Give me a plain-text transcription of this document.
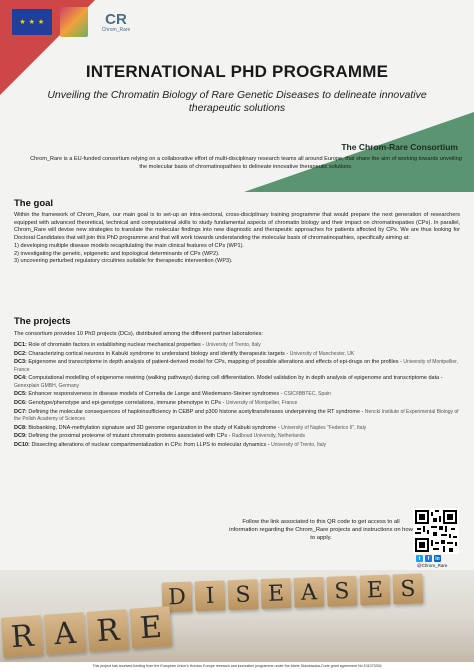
★ ★ ★	CR
Chrom_Rare
INTERNATIONAL PHD PROGRAMME
Unveiling the Chromatin Biology of Rare Genetic Diseases to delineate innovative therapeutic solutions
The Chrom-Rare Consortium
Chrom_Rare is a EU-funded consortium relying on a collaborative effort of multi-disciplinary research teams all around Europe, that share the aim of working towards unveiling the molecular basis of chromatinopathies to delineate innovative therapeutic solutions.
The goal

Within the framework of Chrom_Rare, our main goal is to set-up an intra-sectoral, cross-disciplinary training programme that would prepare the next generation of researchers equipped with advanced theoretical, technical and computational skills to study fundamental aspects of chromatin biology and their impact on chromatinopaties (CPs). In parallel, Chrom_Rare will devise new strategies to translate the molecular findings into new diagnostic and therapeutic approaches for patients affected by CPs. We are thus looking for Doctoral Candidates that will join this PhD programme and that will work towards understanding the molecular basis of chromatinopathies, specifically aiming at:

1) developing multiple disease models recapitulating the main clinical features of CPs (WP1).

2) investigating the genetic, epigenetic and topological determinants of CPs (WP2).

3) uncovering perturbed regulatory circuitries suitable for therapeutic intervention (WP3).

The projects
The consortium provides 10 PhD projects (DCs), distributed among the different partner laboratories:
DC1: Role of chromatin factors in establishing nuclear mechanical properties - University of Trento, Italy
DC2: Characterizing cortical neurons in Kabuki syndrome to understand biology and identify therapeutic targets - University of Manchester, UK
DC3: Epigenome and transcriptome in depth analysis of patient-derived model for CPs, mapping of possible alterations and effects of epi-drugs on the profiles - University of Montpellier, France
DC4: Computational modelling of epigenome rewiring (walking pathways) during cell differentiation. Model validation by in depth analysis of epigenome and transcriptome data - Genexplain GMBH, Germany
DC5: Enhancer responsiveness in disease models of Cornelia de Lange and Wiedemann-Steiner syndromes - CSIC/IBBTEC, Spain
DC6: Genotype/phenotype and epi-genotype correlations, immune phenotype in CPs - University of Montpellier, France
DC7: Defining the molecular consequences of haploinsufficiency in CEBP and p300 histone acetyltransferases underpinning the RT syndrome - Nencki Institute of Experimental Biology of the Polish Academy of Sciences
DC8: Biobanking, DNA-methylation signature and 3D genome organization in the study of Kabuki syndrome - University of Naples "Federico II", Italy
DC9: Defining the proximal proteome of mutant chromatin proteins associated with CPs - Radboud University, Netherlands
DC10: Dissecting alterations of nuclear compartmentalization in CPs: from LLPS to molecular dynamics - University of Trento, Italy
Follow the link associated to this QR code to get access to all information regarding the Chrom_Rare projects and instructions on how to apply.
t	f	in
@Chrom_Rare
D I S E A S E S
R A R E
This project has received funding from the European Union's Horizon Europe research and innovation programme under the Marie Skłodowska-Curie grant agreement No 101073334
